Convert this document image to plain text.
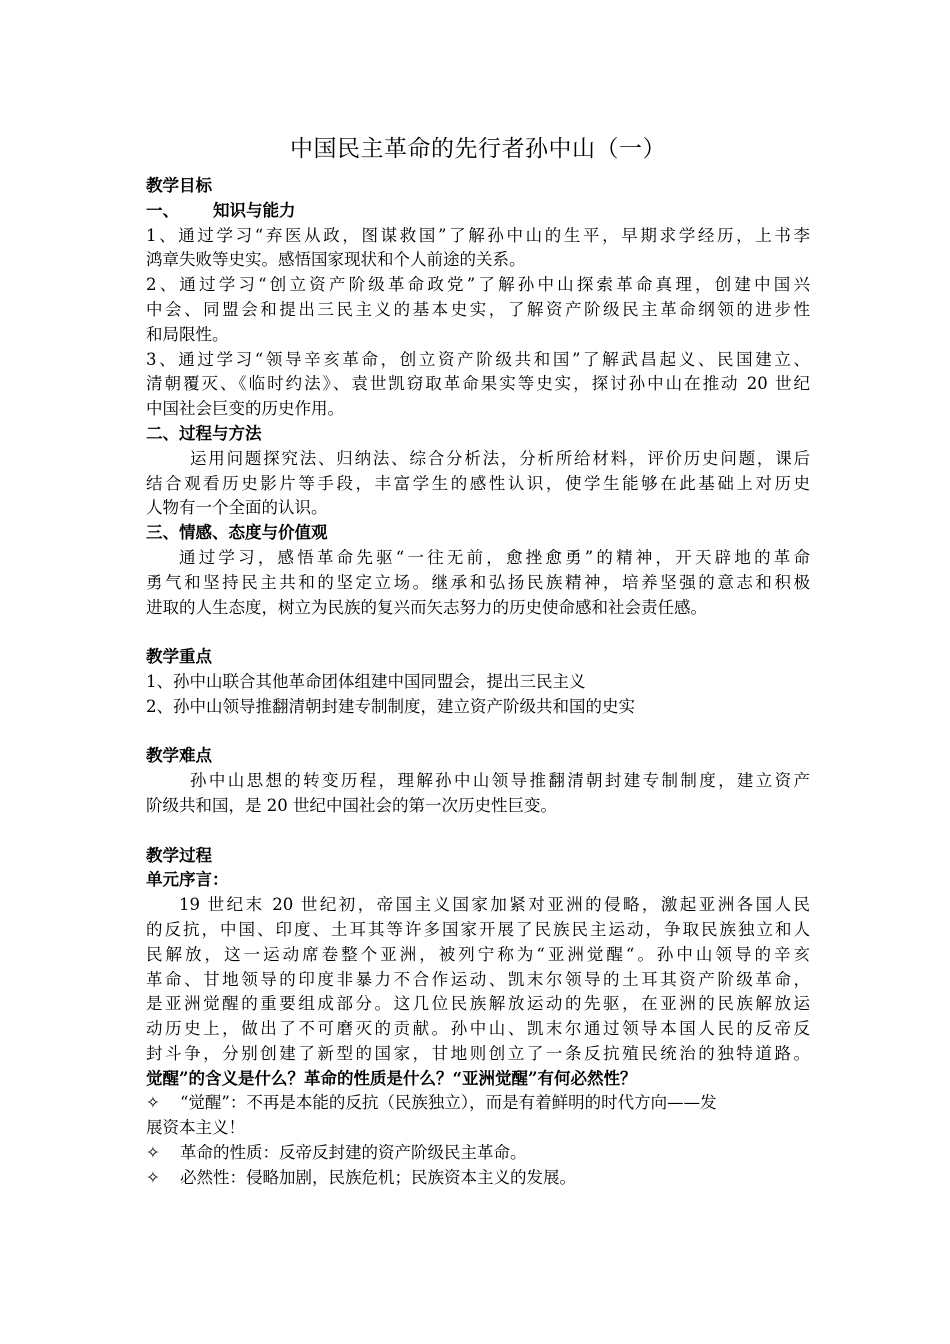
中国民主革命的先行者孙中山（一）
教学目标
一、 知识与能力
1、通过学习“弃医从政，图谋救国”了解孙中山的生平，早期求学经历，上书李
鸿章失败等史实。感悟国家现状和个人前途的关系。
2、通过学习“创立资产阶级革命政党”了解孙中山探索革命真理，创建中国兴
中会、同盟会和提出三民主义的基本史实，了解资产阶级民主革命纲领的进步性
和局限性。
3、通过学习“领导辛亥革命，创立资产阶级共和国”了解武昌起义、民国建立、
清朝覆灭、《临时约法》、袁世凯窃取革命果实等史实，探讨孙中山在推动 20 世纪
中国社会巨变的历史作用。
二、过程与方法
运用问题探究法、归纳法、综合分析法，分析所给材料，评价历史问题，课后
结合观看历史影片等手段，丰富学生的感性认识，使学生能够在此基础上对历史
人物有一个全面的认识。
三、情感、态度与价值观
通过学习，感悟革命先驱“一往无前，愈挫愈勇”的精神，开天辟地的革命
勇气和坚持民主共和的坚定立场。继承和弘扬民族精神，培养坚强的意志和积极
进取的人生态度，树立为民族的复兴而矢志努力的历史使命感和社会责任感。
教学重点
1、孙中山联合其他革命团体组建中国同盟会，提出三民主义
2、孙中山领导推翻清朝封建专制制度，建立资产阶级共和国的史实
教学难点
孙中山思想的转变历程，理解孙中山领导推翻清朝封建专制制度，建立资产
阶级共和国，是 20 世纪中国社会的第一次历史性巨变。
教学过程
单元序言：
19 世纪末 20 世纪初，帝国主义国家加紧对亚洲的侵略，激起亚洲各国人民
的反抗，中国、印度、土耳其等许多国家开展了民族民主运动，争取民族独立和人
民解放，这一运动席卷整个亚洲，被列宁称为“亚洲觉醒“。孙中山领导的辛亥
革命、甘地领导的印度非暴力不合作运动、凯末尔领导的土耳其资产阶级革命，
是亚洲觉醒的重要组成部分。这几位民族解放运动的先驱，在亚洲的民族解放运
动历史上，做出了不可磨灭的贡献。孙中山、凯末尔通过领导本国人民的反帝反
封斗争，分别创建了新型的国家，甘地则创立了一条反抗殖民统治的独特道路。
觉醒”的含义是什么？革命的性质是什么？“亚洲觉醒”有何必然性？
✧ “觉醒”：不再是本能的反抗（民族独立），而是有着鲜明的时代方向——发
展资本主义！
✧ 革命的性质：反帝反封建的资产阶级民主革命。
✧ 必然性：侵略加剧，民族危机；民族资本主义的发展。
